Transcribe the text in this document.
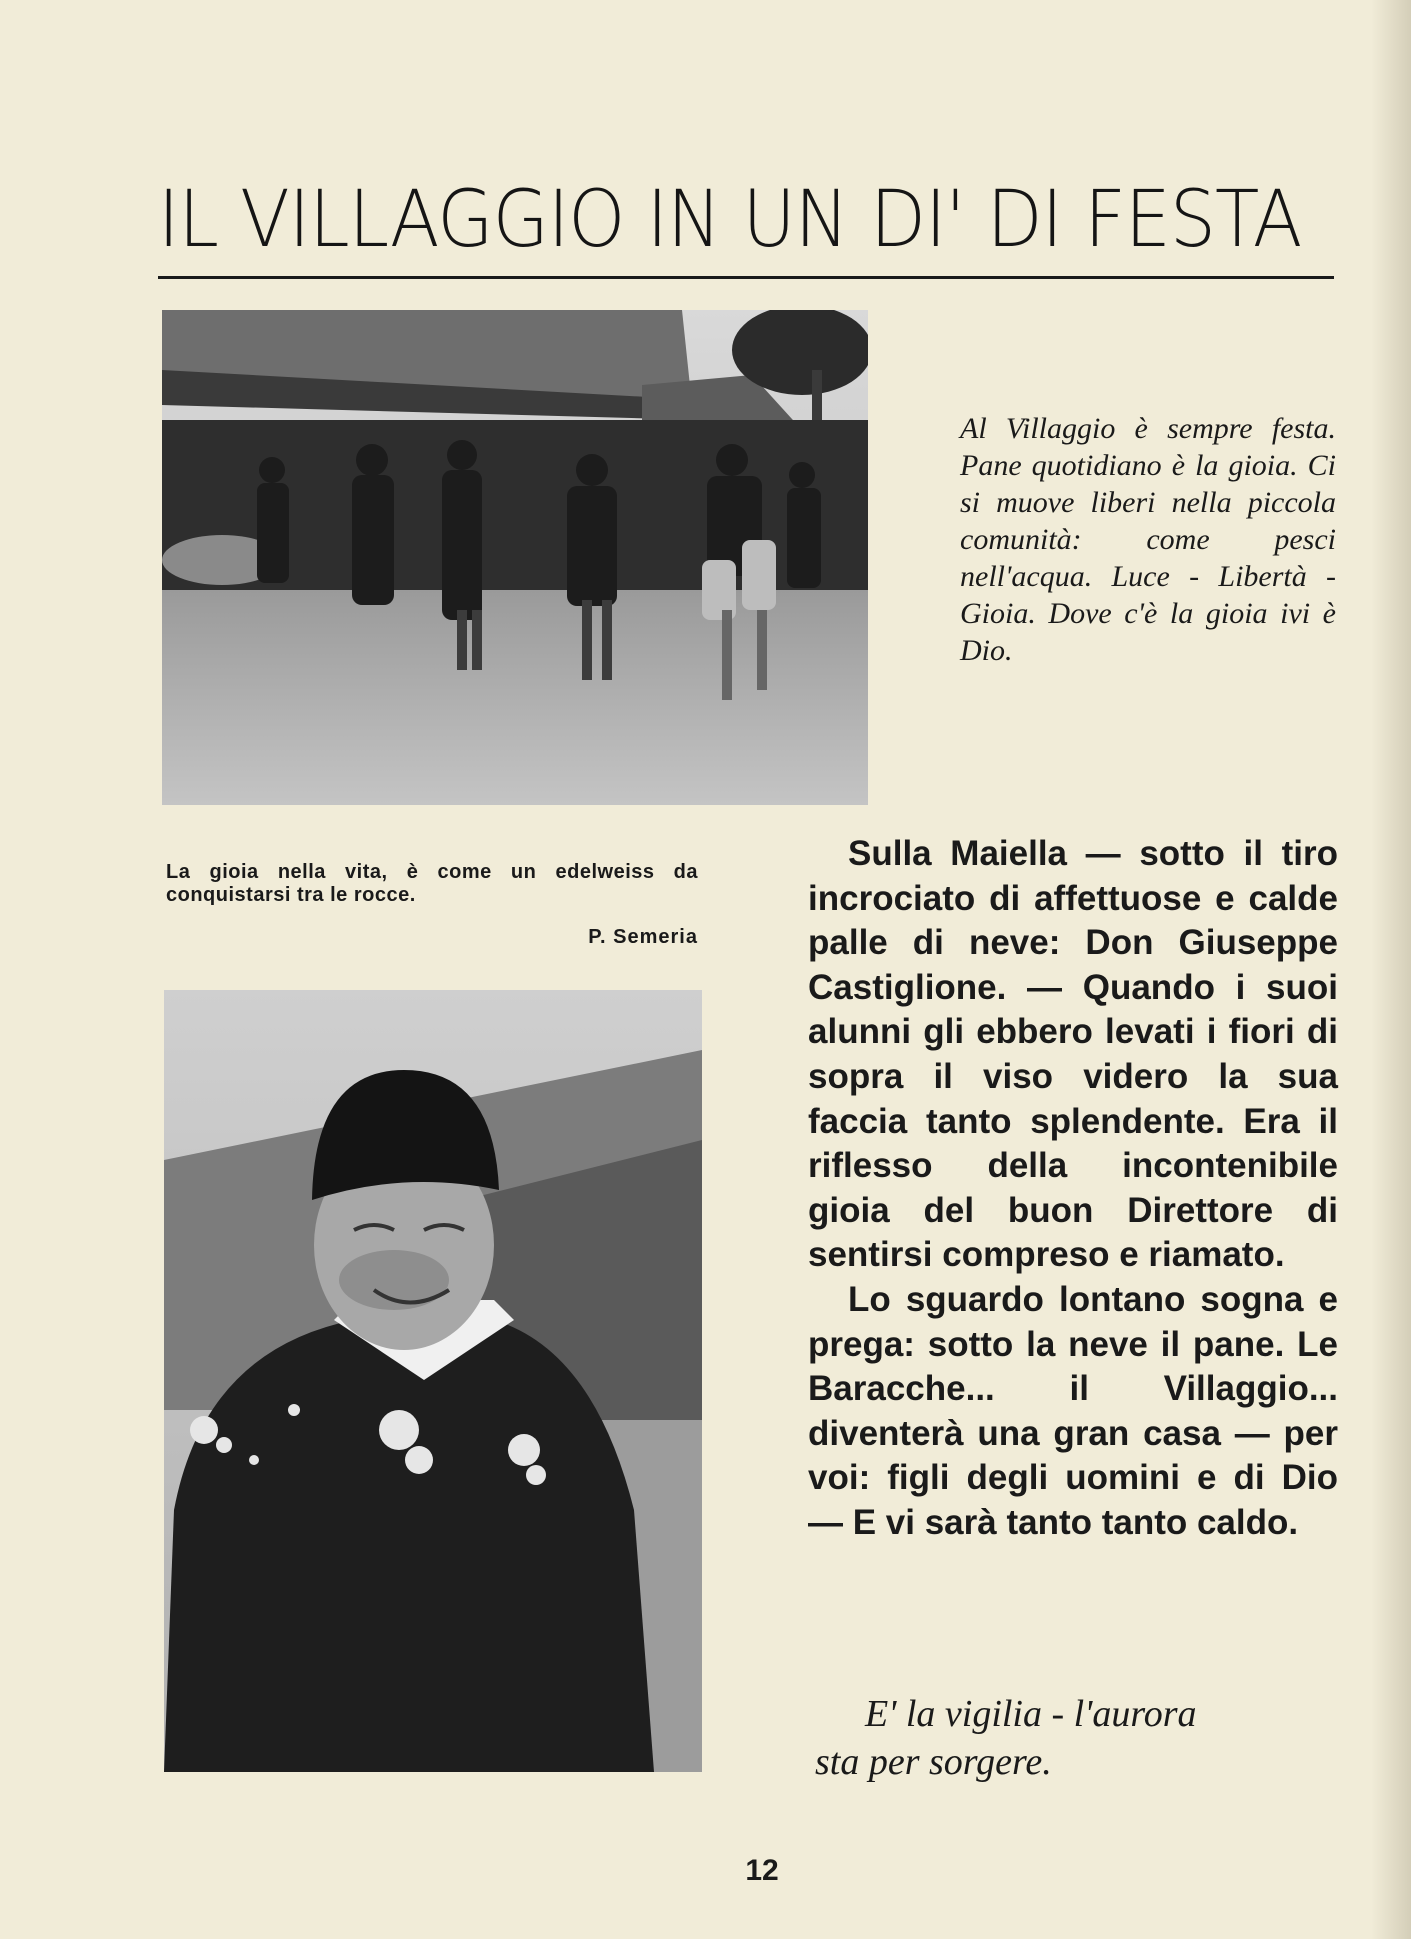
IL VILLAGGIO IN UN DI' DI FESTA
Al Villaggio è sempre festa. Pane quotidiano è la gioia. Ci si muove liberi nella piccola comunità: come pesci nell'acqua. Luce - Libertà - Gioia. Dove c'è la gioia ivi è Dio.
La gioia nella vita, è come un edelweiss da conquistarsi tra le rocce.
P. Semeria

Sulla Maiella — sotto il tiro incrociato di affettuose e calde palle di neve: Don Giuseppe Castiglione. — Quando i suoi alunni gli ebbero levati i fiori di sopra il viso videro la sua faccia tanto splendente. Era il riflesso della incontenibile gioia del buon Direttore di sentirsi compreso e riamato.

Lo sguardo lontano sogna e prega: sotto la neve il pane. Le Baracche... il Villaggio... diventerà una gran casa — per voi: figli degli uomini e di Dio — E vi sarà tanto tanto caldo.

E' la vigilia - l'aurora
sta per sorgere.
12
